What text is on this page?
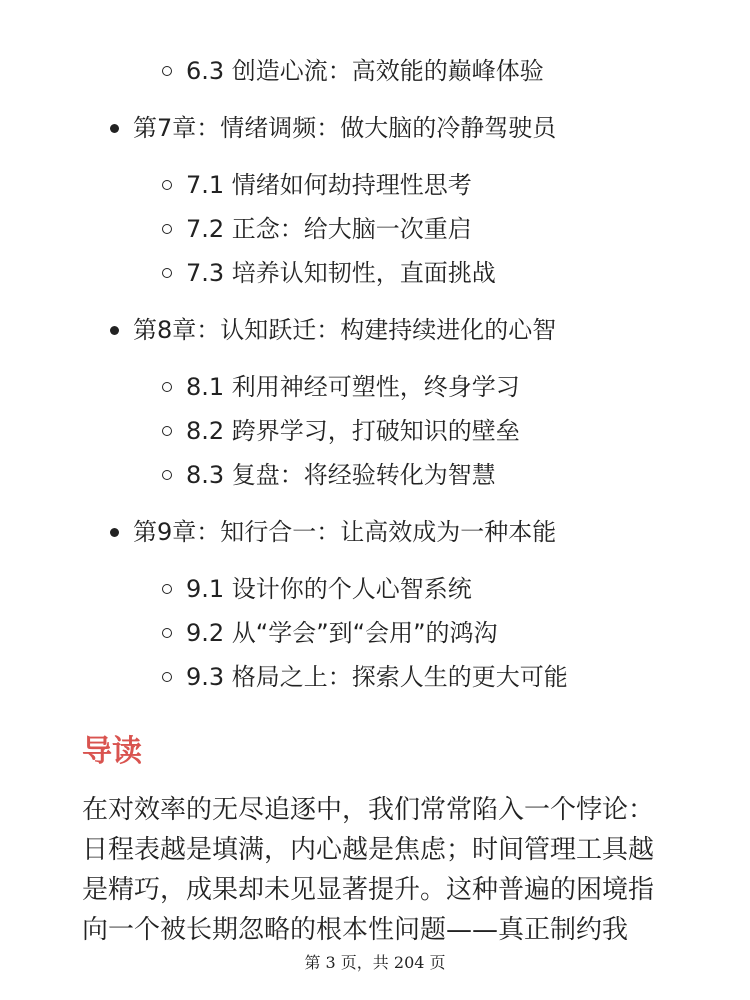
6.3 创造心流：高效能的巅峰体验
第7章：情绪调频：做大脑的冷静驾驶员
7.1 情绪如何劫持理性思考
7.2 正念：给大脑一次重启
7.3 培养认知韧性，直面挑战
第8章：认知跃迁：构建持续进化的心智
8.1 利用神经可塑性，终身学习
8.2 跨界学习，打破知识的壁垒
8.3 复盘：将经验转化为智慧
第9章：知行合一：让高效成为一种本能
9.1 设计你的个人心智系统
9.2 从“学会”到“会用”的鸿沟
9.3 格局之上：探索人生的更大可能
导读
在对效率的无尽追逐中，我们常常陷入一个悖论：
日程表越是填满，内心越是焦虑；时间管理工具越
是精巧，成果却未见显著提升。这种普遍的困境指
向一个被长期忽略的根本性问题——真正制约我
第 3 页，共 204 页
